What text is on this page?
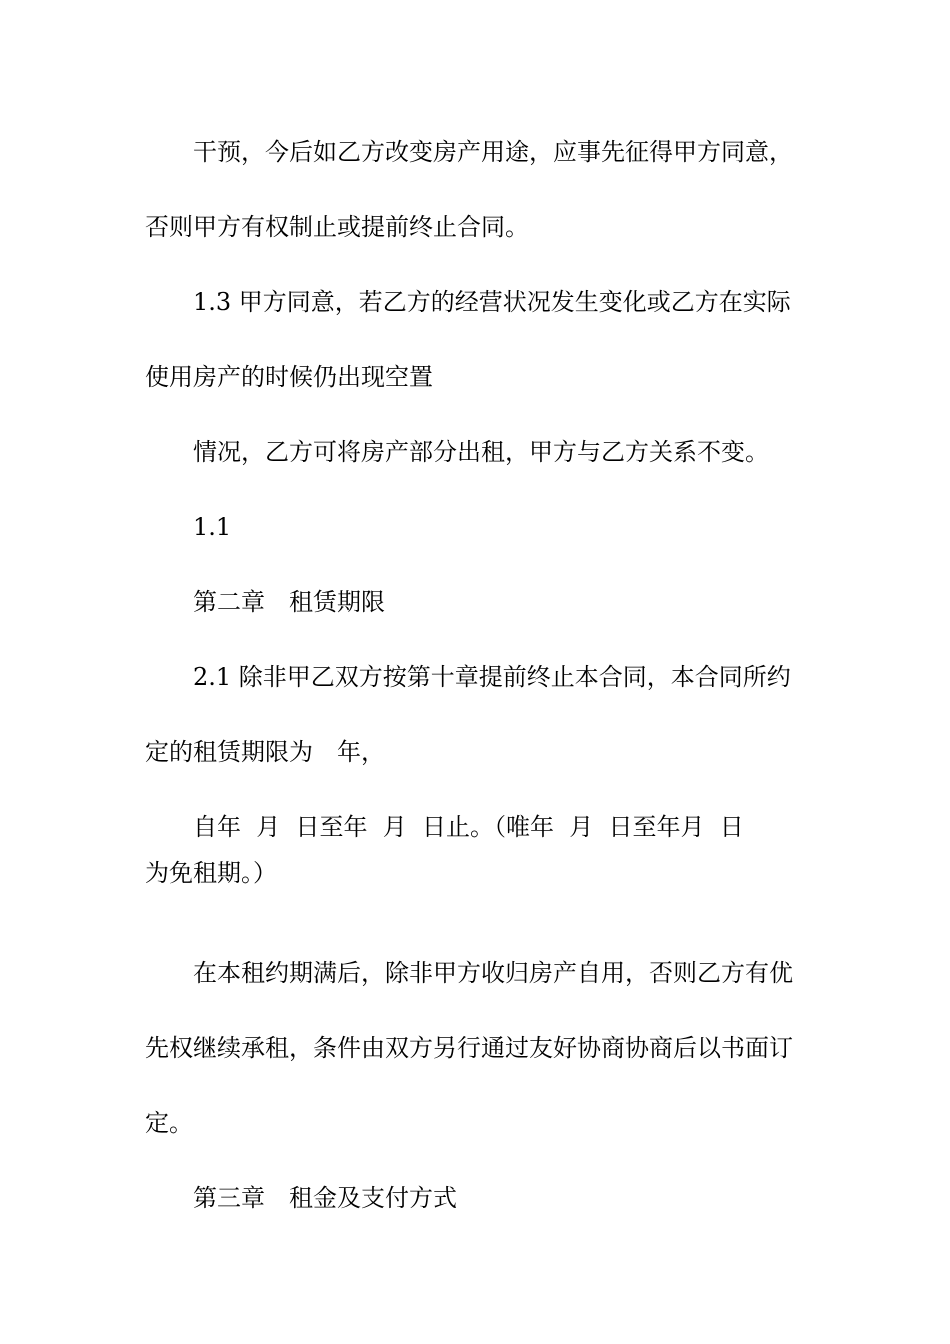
干预，今后如乙方改变房产用途，应事先征得甲方同意，
否则甲方有权制止或提前终止合同。
1.3 甲方同意，若乙方的经营状况发生变化或乙方在实际
使用房产的时候仍出现空置
情况，乙方可将房产部分出租，甲方与乙方关系不变。
1.1
第二章　租赁期限
2.1 除非甲乙双方按第十章提前终止本合同，本合同所约
定的租赁期限为　年，
自年  月  日至年  月  日止。（唯年  月  日至年月  日
为免租期。）
在本租约期满后，除非甲方收归房产自用，否则乙方有优
先权继续承租，条件由双方另行通过友好协商协商后以书面订
定。
第三章　租金及支付方式
